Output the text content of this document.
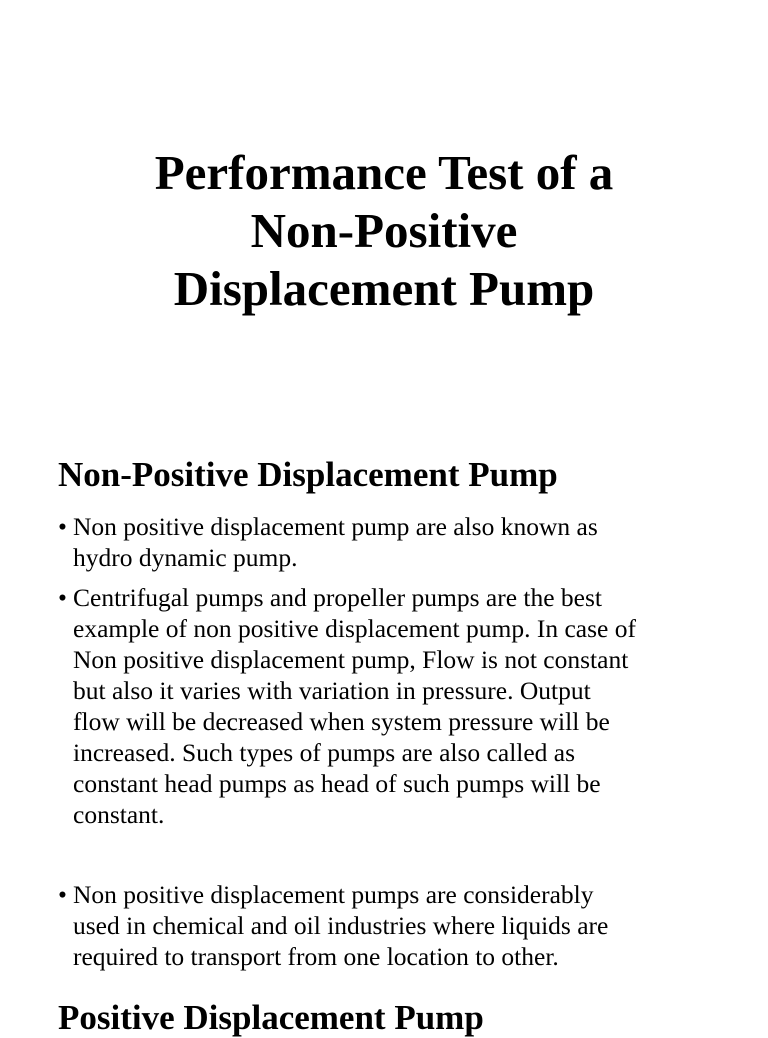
Performance Test of a
Non-Positive
Displacement Pump
Non-Positive Displacement Pump
• Non positive displacement pump are also known as
hydro dynamic pump.
• Centrifugal pumps and propeller pumps are the best
example of non positive displacement pump. In case of
Non positive displacement pump, Flow is not constant
but also it varies with variation in pressure. Output
flow will be decreased when system pressure will be
increased. Such types of pumps are also called as
constant head pumps as head of such pumps will be
constant.
• Non positive displacement pumps are considerably
used in chemical and oil industries where liquids are
required to transport from one location to other.
Positive Displacement Pump
